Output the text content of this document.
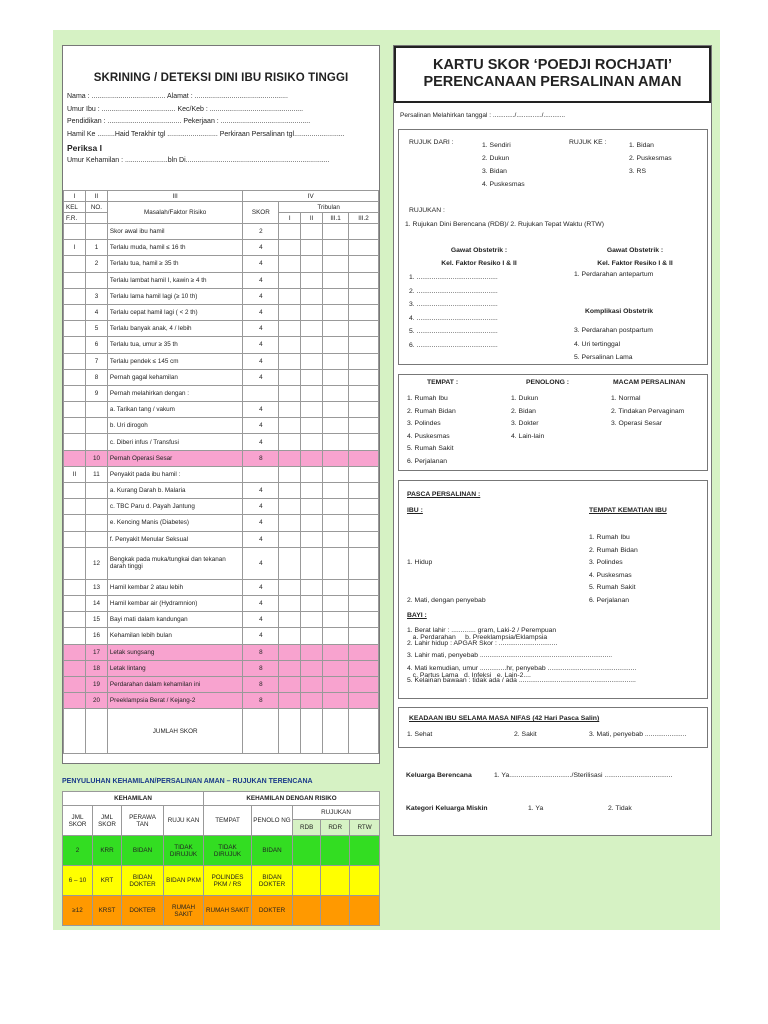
SKRINING / DETEKSI DINI IBU RISIKO TINGGI
Nama : ...................................... Alamat : ................................................
Umur Ibu : ...................................... Kec/Keb : ................................................
Pendidikan : ...................................... Pekerjaan : ..............................................
Hamil Ke .........Haid Terakhir tgl .......................... Perkiraan Persalinan tgl..........................
Periksa I
Umur Kehamilan : ......................bln Di..........................................................................
I	II	III	IV				
KEL	NO.	Masalah/Faktor Risiko	SKOR	Tribulan			
F.R.				I	II	III.1	III.2
		Skor awal ibu hamil	2				
I	1	Terlalu muda, hamil ≤ 16 th	4				
	2	Terlalu tua, hamil ≥ 35 th	4				
		Terlalu lambat hamil I, kawin ≥ 4 th	4				
	3	Terlalu lama hamil lagi (≥ 10 th)	4				
	4	Terlalu cepat hamil lagi ( < 2 th)	4				
	5	Terlalu banyak anak, 4 / lebih	4				
	6	Terlalu tua, umur ≥ 35 th	4				
	7	Terlalu pendek ≤ 145 cm	4				
	8	Pernah gagal kehamilan	4				
	9	Pernah melahirkan dengan :					
		a. Tarikan tang / vakum	4				
		b. Uri dirogoh	4				
		c. Diberi infus / Transfusi	4				
	10	Pernah Operasi Sesar	8				
II	11	Penyakit pada ibu hamil :					
		a. Kurang Darah b. Malaria	4				
		c. TBC Paru d. Payah Jantung	4				
		e. Kencing Manis (Diabetes)	4				
		f. Penyakit Menular Seksual	4				
	12	Bengkak pada muka/tungkai dan tekanan darah tinggi	4				
	13	Hamil kembar 2 atau lebih	4				
	14	Hamil kembar air (Hydramnion)	4				
	15	Bayi mati dalam kandungan	4				
	16	Kehamilan lebih bulan	4				
	17	Letak sungsang	8				
	18	Letak lintang	8				
	19	Perdarahan dalam kehamilan ini	8				
	20	Preeklampsia Berat / Kejang-2	8				
		JUMLAH SKOR					
PENYULUHAN KEHAMILAN/PERSALINAN AMAN – RUJUKAN TERENCANA
KEHAMILAN				KEHAMILAN DENGAN RISIKO				
JML SKOR	JML SKOR	PERAWA TAN	RUJU KAN	TEMPAT	PENOLO NG	RUJUKAN		
						RDB	RDR	RTW
2	KRR	BIDAN	TIDAK DIRUJUK	TIDAK DIRUJUK	BIDAN			
6 – 10	KRT	BIDAN DOKTER	BIDAN PKM	POLINDES PKM / RS	BIDAN DOKTER			
≥12	KRST	DOKTER	RUMAH SAKIT	RUMAH SAKIT	DOKTER			
KARTU SKOR ‘POEDJI ROCHJATI’
PERENCANAAN PERSALINAN AMAN
Persalinan Melahirkan tanggal : ............/............../............
RUJUK DARI :	1. Sendiri
2. Dukun
3. Bidan
4. Puskesmas
RUJUK KE :	1. Bidan
2. Puskesmas
3. RS
RUJUKAN :
1. Rujukan Dini Berencana (RDB)/ 2. Rujukan Tepat Waktu (RTW)
Gawat Obstetrik :
Kel. Faktor Resiko I & II
Gawat Obstetrik :
Kel. Faktor Resiko I & II
1. ...........................................
2. ...........................................
3. ...........................................
4. ...........................................
5. ...........................................
6. ...........................................
1. Perdarahan antepartum
Komplikasi Obstetrik
3. Perdarahan postpartum
4. Uri tertinggal
5. Persalinan Lama
TEMPAT :	PENOLONG :	MACAM PERSALINAN
1. Rumah Ibu
2. Rumah Bidan
3. Polindes
4. Puskesmas
5. Rumah Sakit
6. Perjalanan
1. Dukun
2. Bidan
3. Dokter
4. Lain-lain
1. Normal
2. Tindakan Pervaginam
3. Operasi Sesar
PASCA PERSALINAN :
IBU :	TEMPAT KEMATIAN IBU

1. Hidup

2. Mati, dengan penyebab

a. Perdarahan     b. Preeklampsia/Eklampsia

c. Partus Lama   d. Infeksi   e. Lain-2....

1. Rumah Ibu
2. Rumah Bidan
3. Polindes
4. Puskesmas
5. Rumah Sakit
6. Perjalanan
BAYI :
1. Berat lahir : ............. gram, Laki-2 / Perempuan
2. Lahir hidup : APGAR Skor : ...............................
3. Lahir mati, penyebab ......................................................................
4. Mati kemudian, umur ..............hr, penyebab ...............................................
5. Kelainan bawaan : tidak ada / ada ..............................................................
KEADAAN IBU SELAMA MASA NIFAS (42 Hari Pasca Salin)
1. Sehat	2. Sakit	3. Mati, penyebab ......................
Keluarga Berencana	1. Ya................................./Sterilisasi ....................................
Kategori Keluarga Miskin	1. Ya	2. Tidak
